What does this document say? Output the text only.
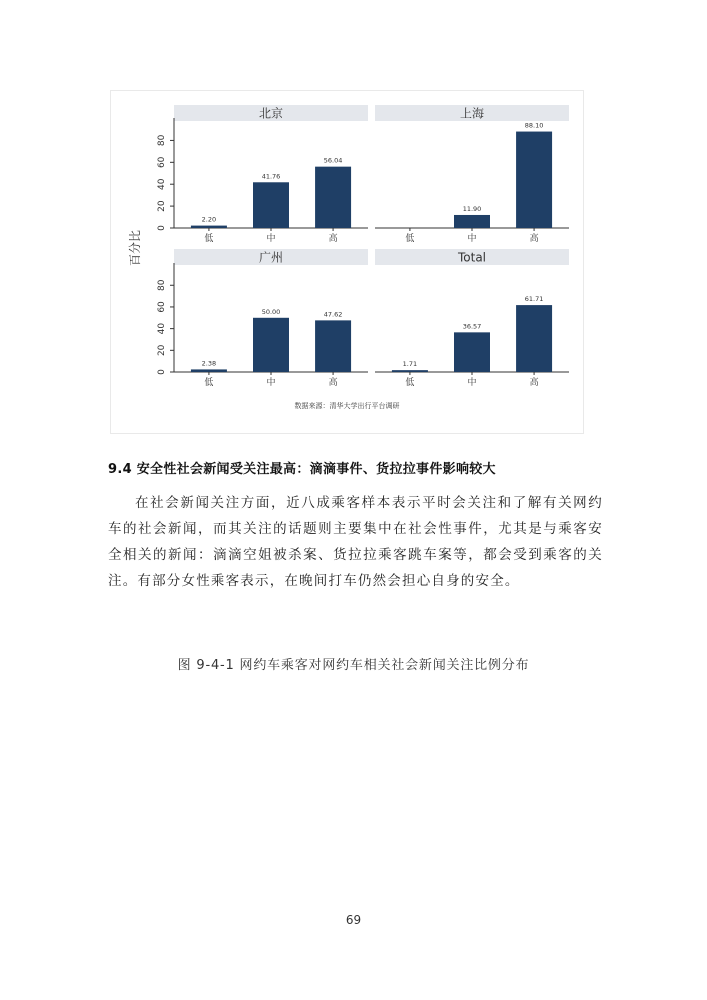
北京
0
20
40
60
80
2.20
低
41.76
中
56.04
高
上海
低
11.90
中
88.10
高
广州
0
20
40
60
80
2.38
低
50.00
中
47.62
高
Total
1.71
低
36.57
中
61.71
高
百分比
数据来源：清华大学出行平台调研
9.4 安全性社会新闻受关注最高：滴滴事件、货拉拉事件影响较大
在社会新闻关注方面，近八成乘客样本表示平时会关注和了解有关网约车的社会新闻，而其关注的话题则主要集中在社会性事件，尤其是与乘客安全相关的新闻：滴滴空姐被杀案、货拉拉乘客跳车案等，都会受到乘客的关注。有部分女性乘客表示，在晚间打车仍然会担心自身的安全。
图 9-4-1 网约车乘客对网约车相关社会新闻关注比例分布
69
